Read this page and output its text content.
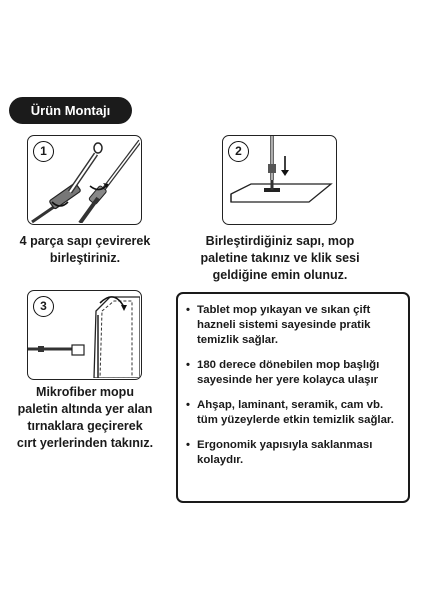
Ürün Montajı
1
4 parça sapı çevirerek
birleştiriniz.
2
Birleştirdiğiniz sapı, mop
paletine takınız ve klik sesi
geldiğine emin olunuz.
3
Mikrofiber mopu
paletin altında yer alan
tırnaklara geçirerek
cırt yerlerinden takınız.
• Tablet mop yıkayan ve sıkan çift hazneli sistemi sayesinde pratik temizlik sağlar.
• 180 derece dönebilen mop başlığı sayesinde her yere kolayca ulaşır
• Ahşap, laminant, seramik, cam vb. tüm yüzeylerde etkin temizlik sağlar.
• Ergonomik yapısıyla saklanması kolaydır.
